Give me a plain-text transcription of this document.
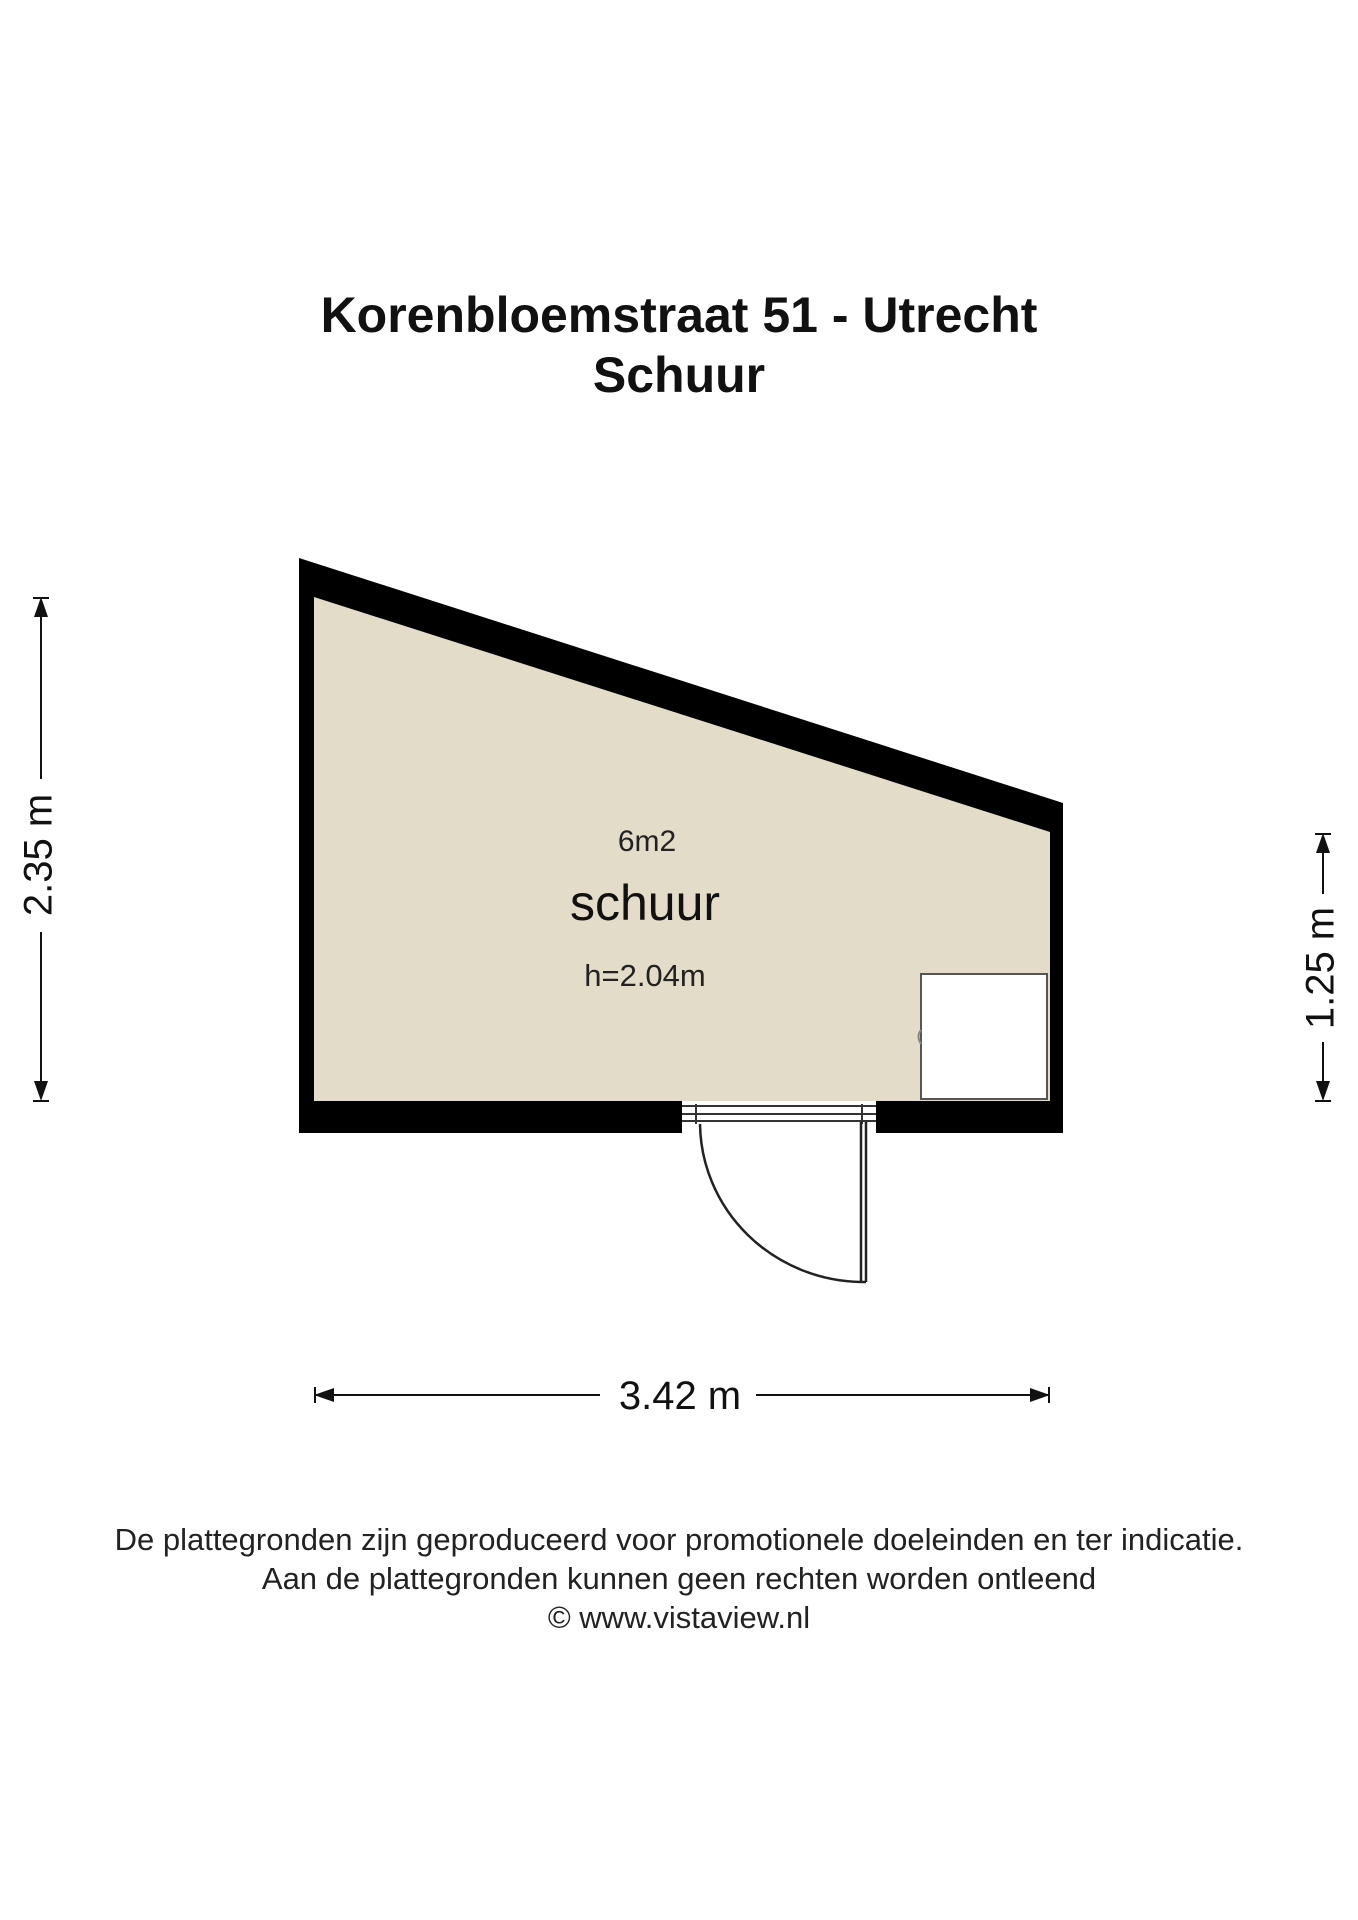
Korenbloemstraat 51 - Utrecht
Schuur
6m2
schuur
h=2.04m
2.35 m
1.25 m
3.42 m
De plattegronden zijn geproduceerd voor promotionele doeleinden en ter indicatie.
Aan de plattegronden kunnen geen rechten worden ontleend
© www.vistaview.nl
